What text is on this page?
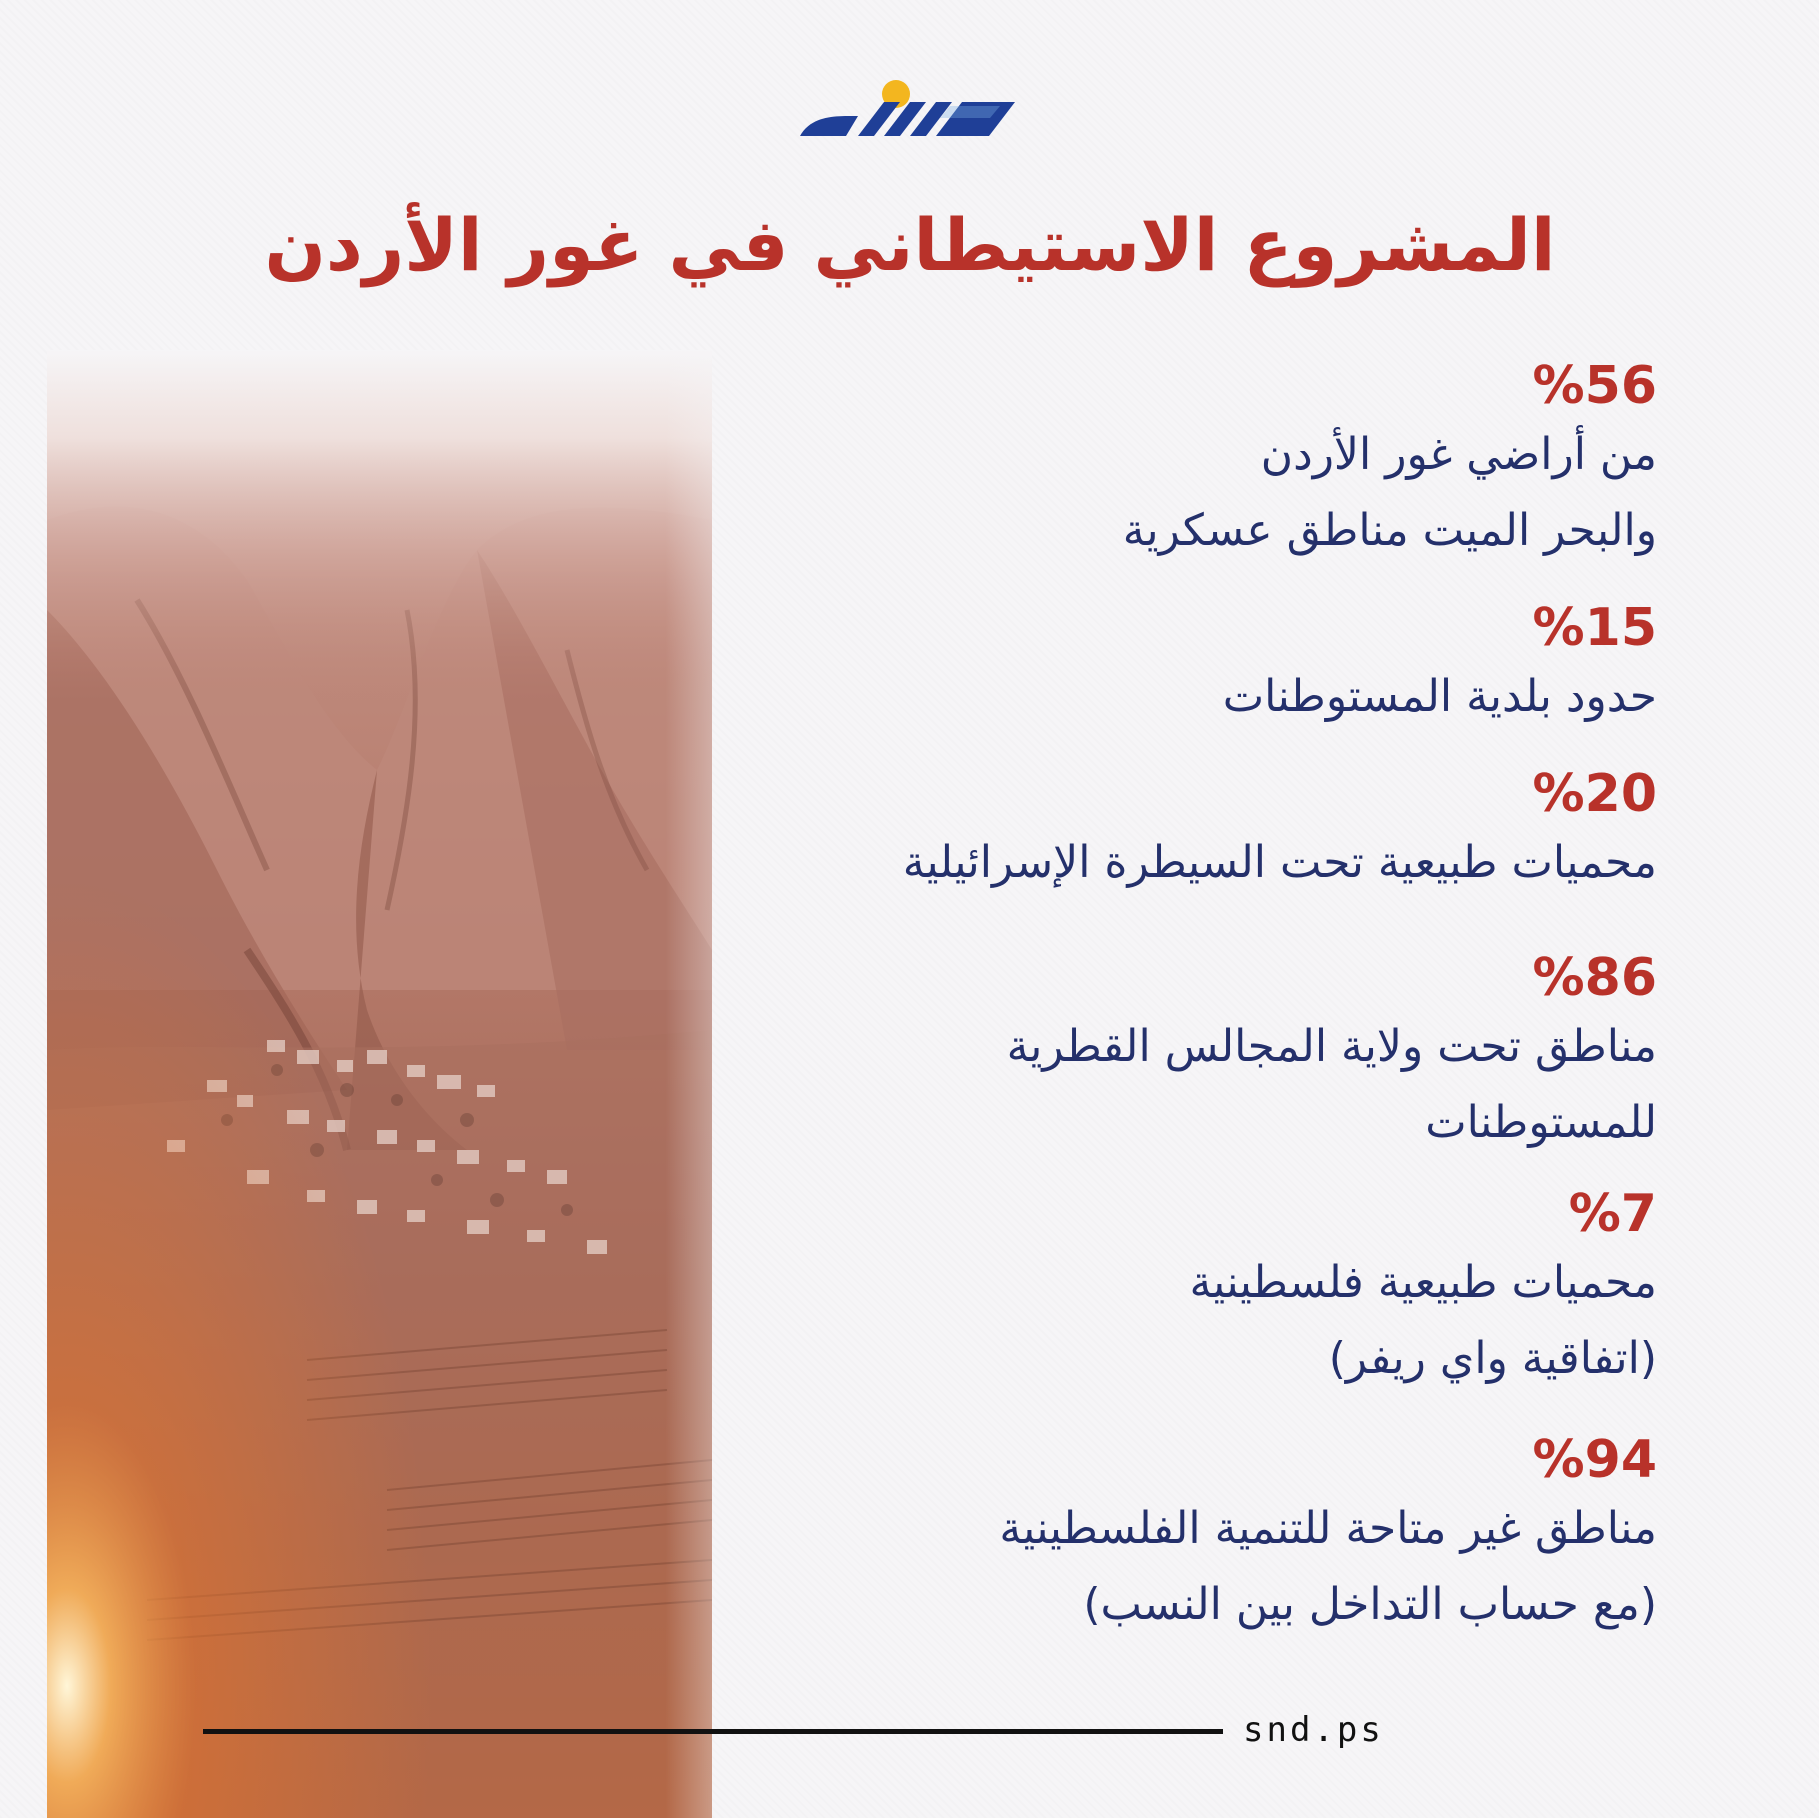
المشروع الاستيطاني في غور الأردن

%56

من أراضي غور الأردن

والبحر الميت مناطق عسكرية

%15

حدود بلدية المستوطنات

%20

محميات طبيعية تحت السيطرة الإسرائيلية

%86

مناطق تحت ولاية المجالس القطرية

للمستوطنات

%7

محميات طبيعية فلسطينية

(اتفاقية واي ريفر)

%94

مناطق غير متاحة للتنمية الفلسطينية

(مع حساب التداخل بين النسب)

snd.ps
